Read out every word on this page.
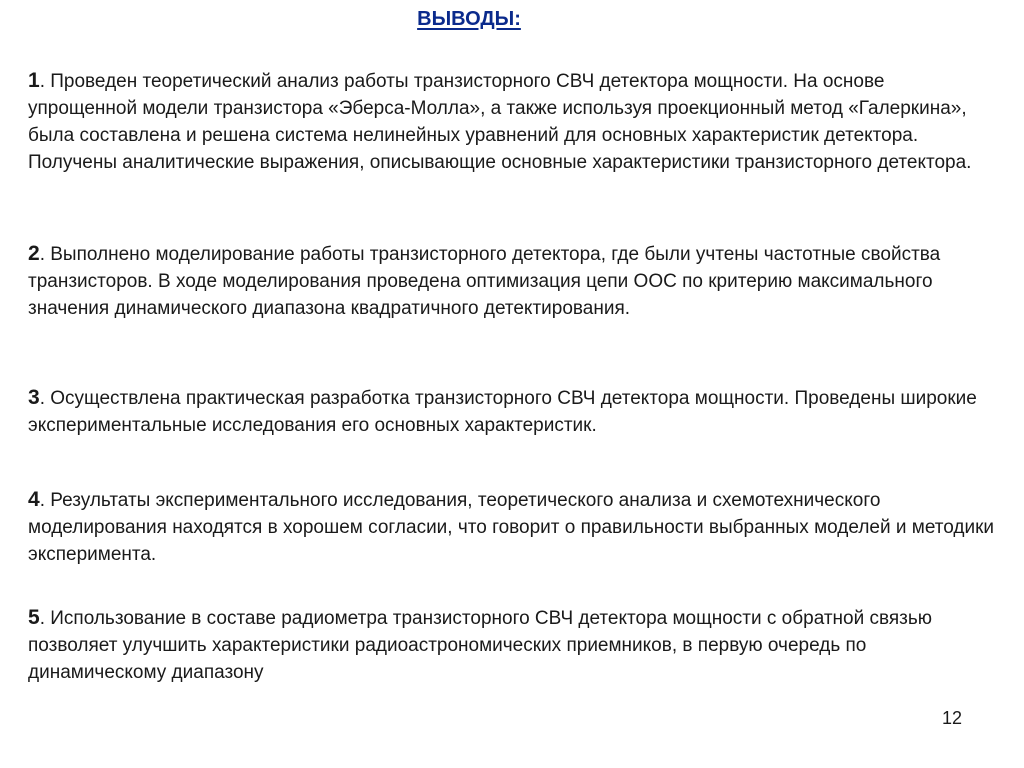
ВЫВОДЫ:
1. Проведен теоретический анализ работы транзисторного СВЧ детектора мощности. На основе упрощенной модели транзистора «Эберса-Молла», а также используя проекционный метод «Галеркина», была составлена и решена система нелинейных уравнений для основных характеристик детектора. Получены аналитические выражения, описывающие основные характеристики транзисторного детектора.
2. Выполнено моделирование работы транзисторного детектора, где были учтены частотные свойства транзисторов. В ходе моделирования проведена оптимизация цепи ООС по критерию максимального значения динамического диапазона квадратичного детектирования.
3. Осуществлена практическая разработка транзисторного СВЧ детектора мощности. Проведены широкие экспериментальные исследования его основных характеристик.
4. Результаты экспериментального исследования, теоретического анализа и схемотехнического моделирования находятся в хорошем согласии, что говорит о правильности выбранных моделей и методики эксперимента.
5. Использование в составе радиометра транзисторного СВЧ детектора мощности с обратной связью позволяет улучшить характеристики радиоастрономических приемников, в первую очередь по динамическому диапазону
12
